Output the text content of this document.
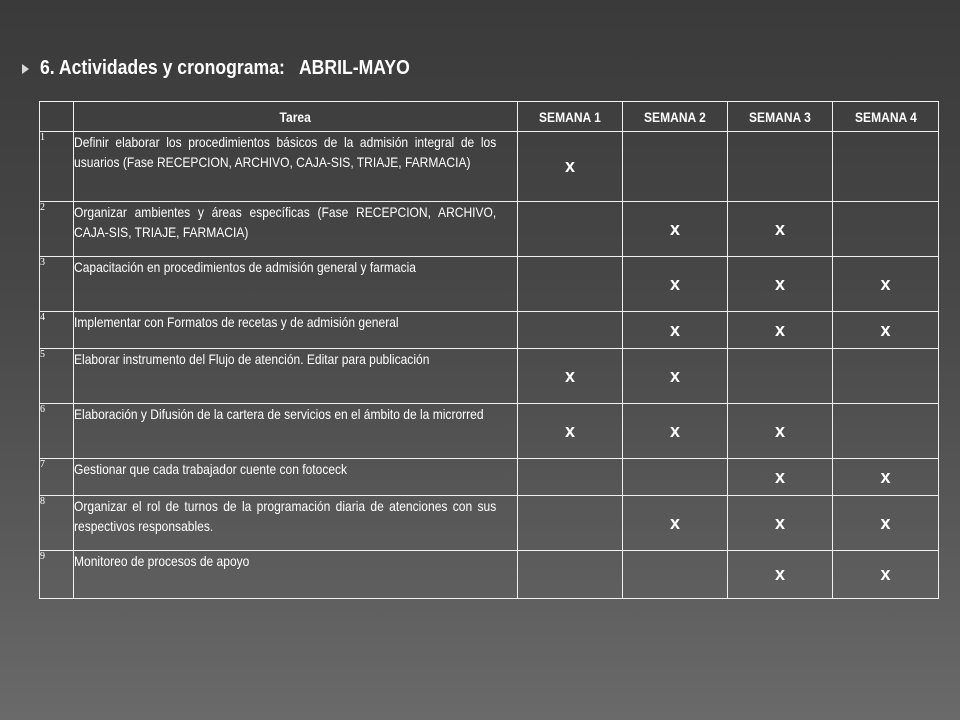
6. Actividades y cronograma: ABRIL-MAYO
	Tarea	SEMANA 1	SEMANA 2	SEMANA 3	SEMANA 4
1	Definir elaborar los procedimientos básicos de la admisión integral de los usuarios (Fase RECEPCION, ARCHIVO, CAJA-SIS, TRIAJE, FARMACIA)	x			
2	Organizar ambientes y áreas específicas (Fase RECEPCION, ARCHIVO, CAJA-SIS, TRIAJE, FARMACIA)		x	x	
3	Capacitación en procedimientos de admisión general y farmacia		x	x	x
4	Implementar con Formatos de recetas y de admisión general		x	x	x
5	Elaborar instrumento del Flujo de atención. Editar para publicación	x	x		
6	Elaboración y Difusión de la cartera de servicios en el ámbito de la microrred	x	x	x	
7	Gestionar que cada trabajador cuente con fotoceck			x	x
8	Organizar el rol de turnos de la programación diaria de atenciones con sus respectivos responsables.		x	x	x
9	Monitoreo de procesos de apoyo			x	x
